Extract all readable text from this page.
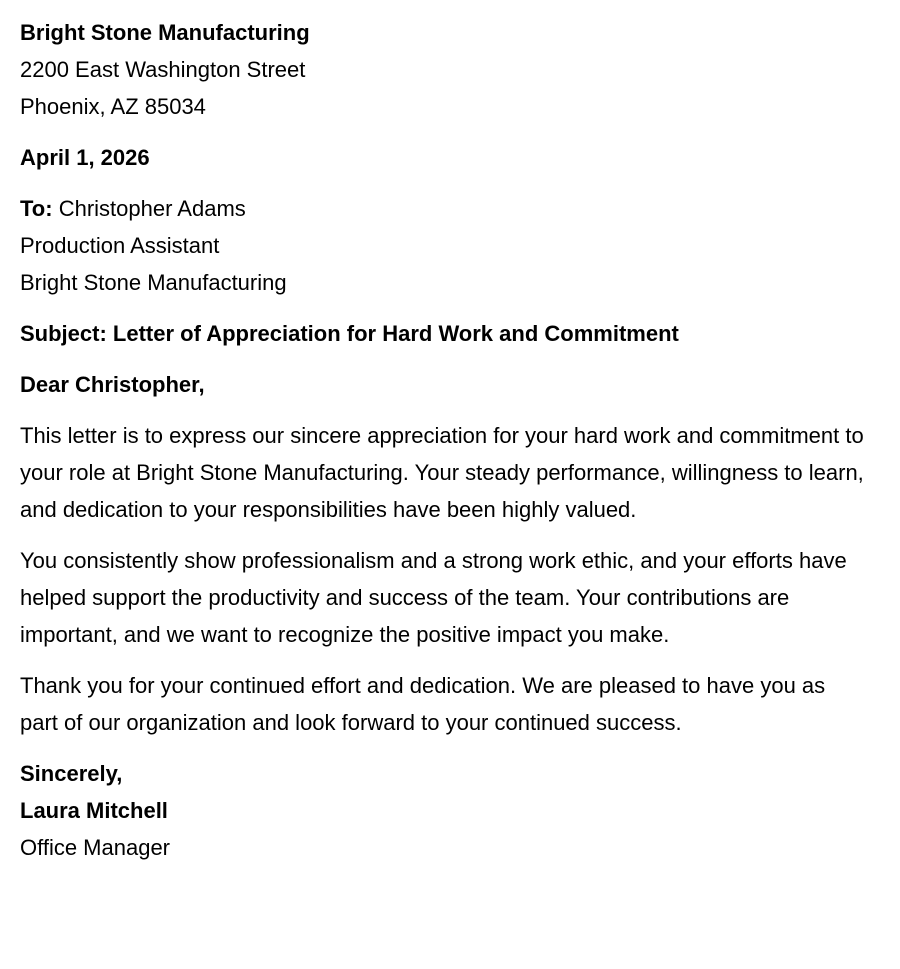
Bright Stone Manufacturing
2200 East Washington Street
Phoenix, AZ 85034
April 1, 2026
To: Christopher Adams
Production Assistant
Bright Stone Manufacturing
Subject: Letter of Appreciation for Hard Work and Commitment
Dear Christopher,

This letter is to express our sincere appreciation for your hard work and commitment to your role at Bright Stone Manufacturing. Your steady performance, willingness to learn, and dedication to your responsibilities have been highly valued.

You consistently show professionalism and a strong work ethic, and your efforts have helped support the productivity and success of the team. Your contributions are important, and we want to recognize the positive impact you make.

Thank you for your continued effort and dedication. We are pleased to have you as part of our organization and look forward to your continued success.

Sincerely,
Laura Mitchell
Office Manager
